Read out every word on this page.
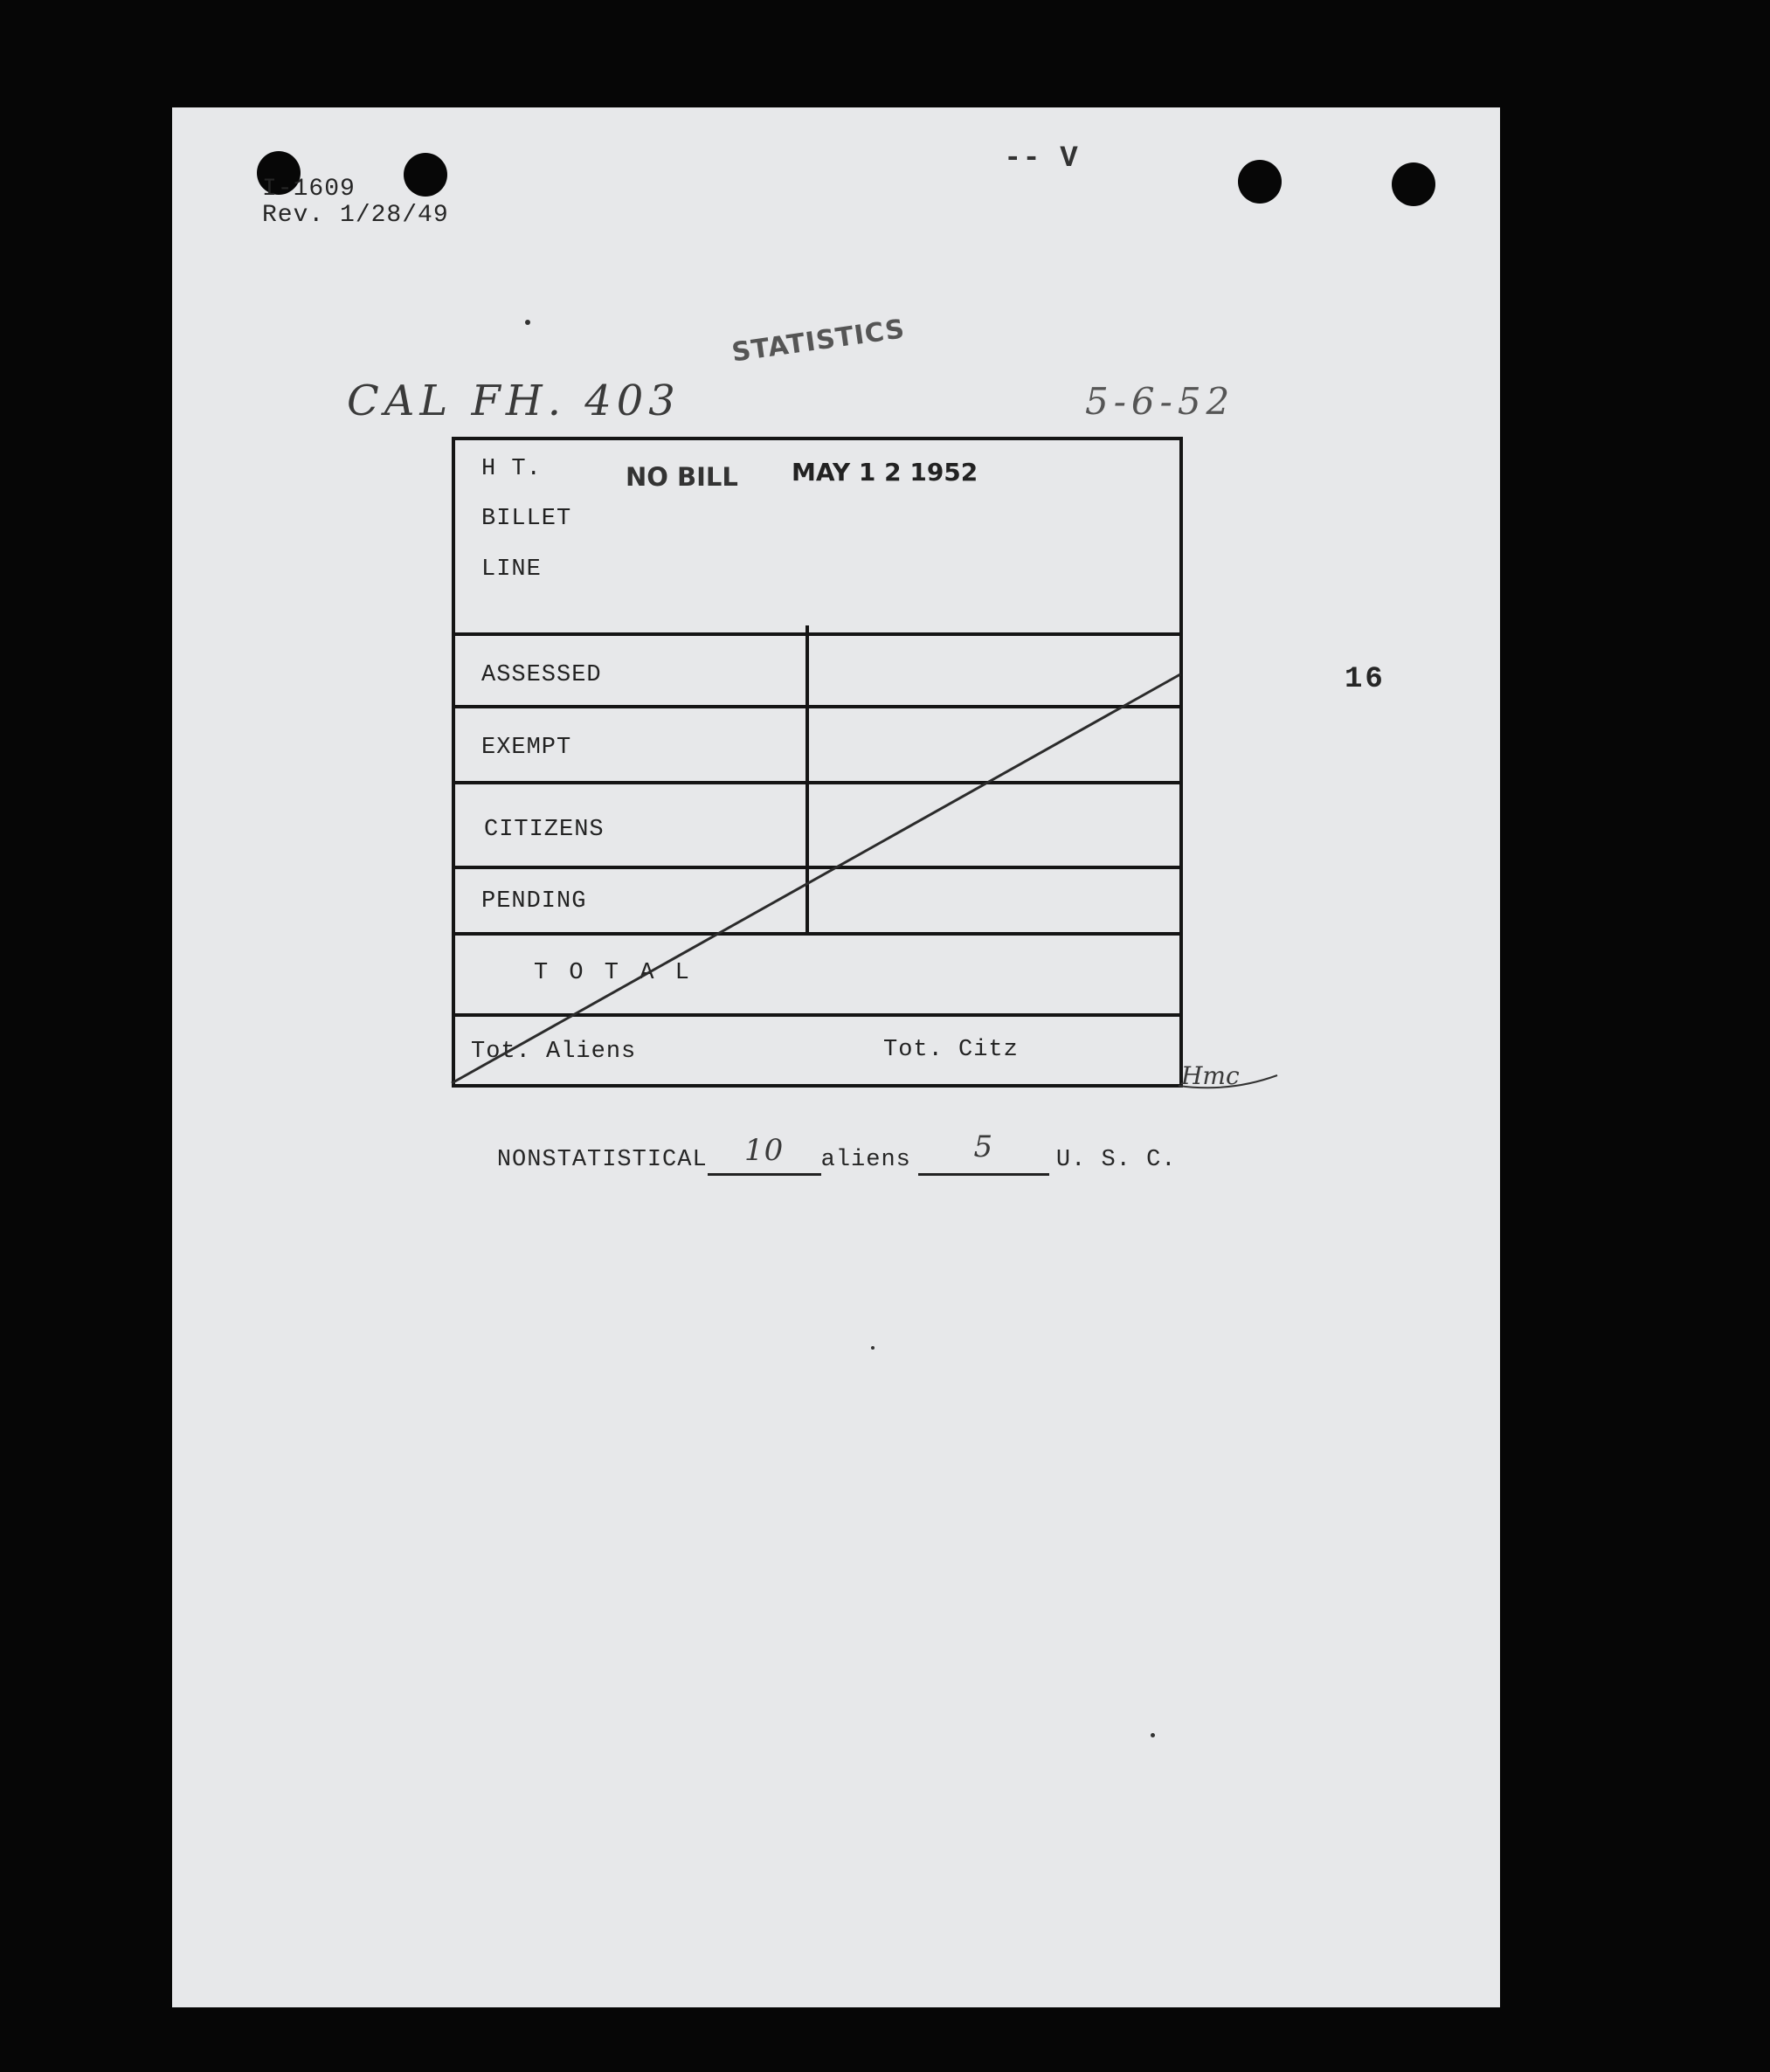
I-1609
Rev. 1/28/49
-- V
STATISTICS
CAL FH. 403	5-6-52
H T.
BILLET
LINE
NO BILL MAY 1 2 1952
ASSESSED
EXEMPT
CITIZENS
PENDING
T O T A L
Tot. Aliens	Tot. Citz
Hmc
16

NONSTATISTICAL 10 aliens 5	U. S. C.
